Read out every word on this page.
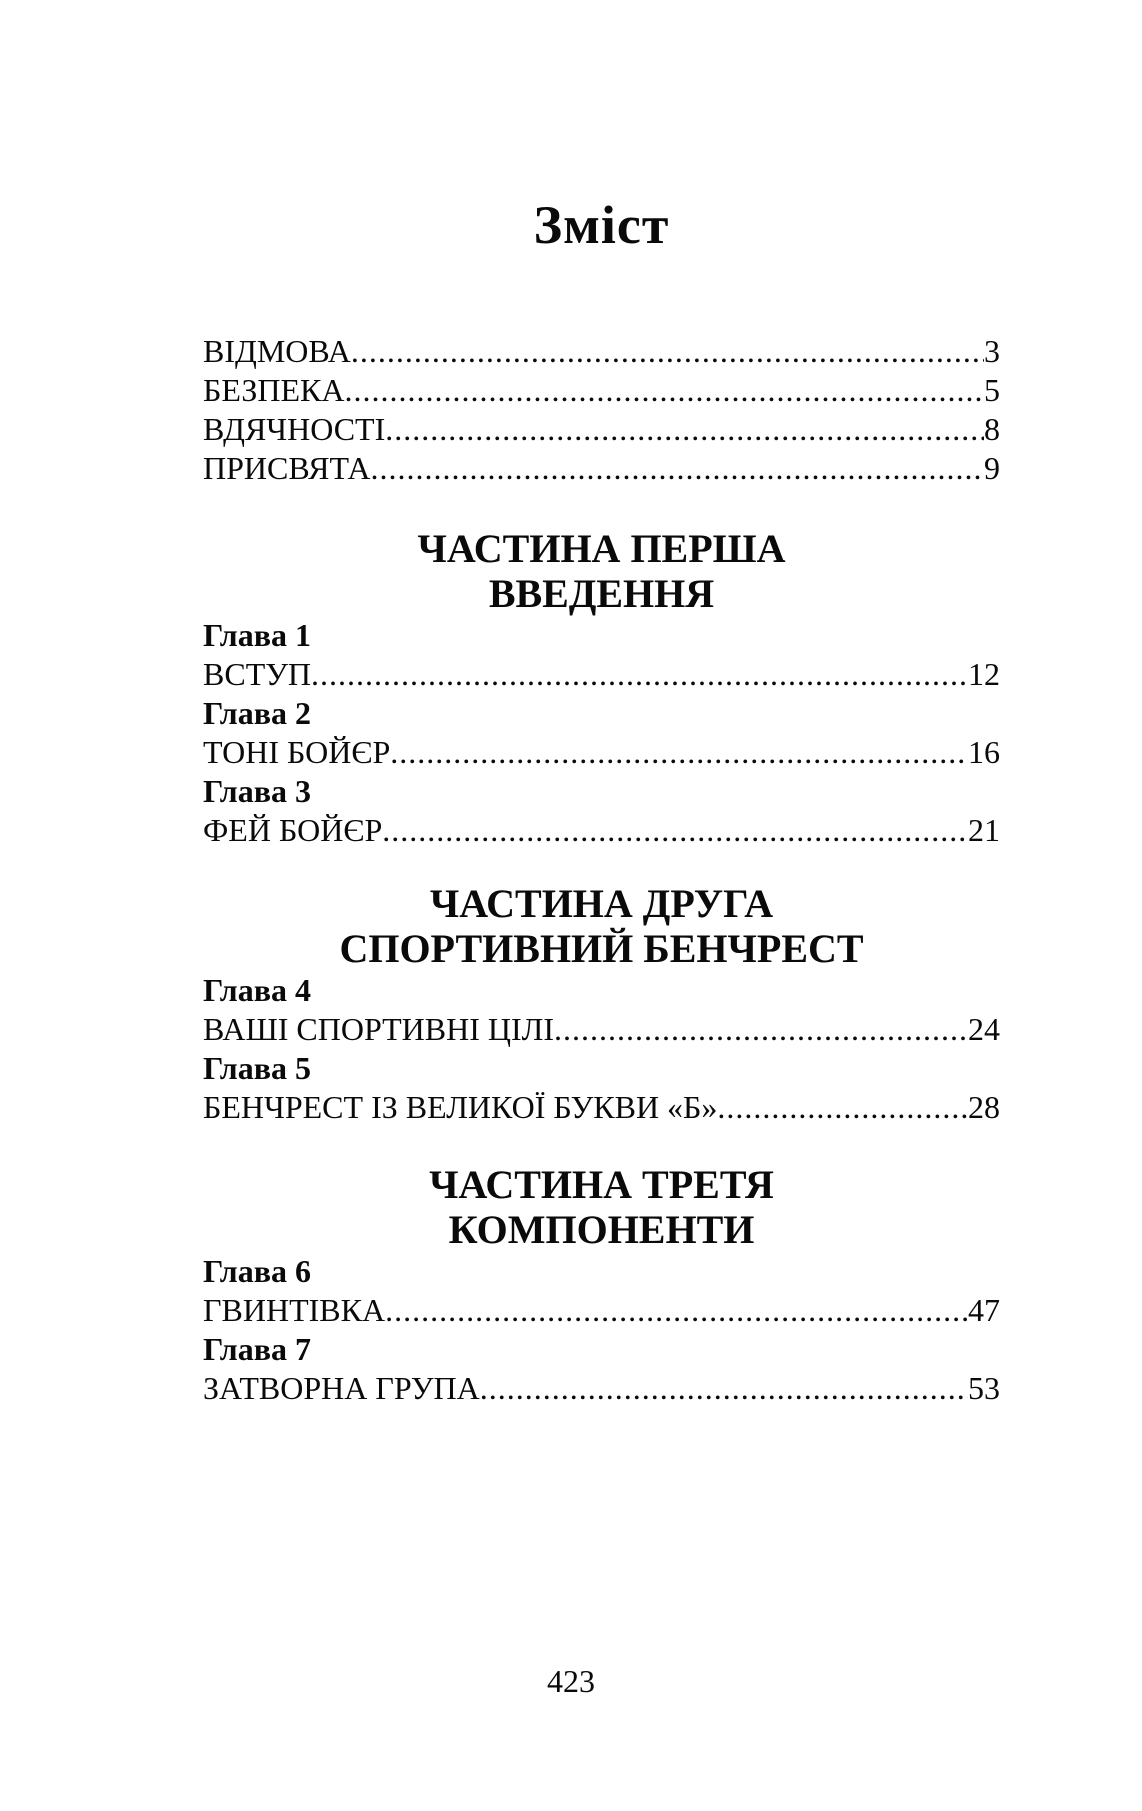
Зміст
ВІДМОВА .....	3
БЕЗПЕКА .....	5
ВДЯЧНОСТІ .....	8
ПРИСВЯТА .....	9
ЧАСТИНА ПЕРША
ВВЕДЕННЯ
Глава 1
ВСТУП .....	12
Глава 2
ТОНІ БОЙЄР .....	16
Глава 3
ФЕЙ БОЙЄР .....	21
ЧАСТИНА ДРУГА
СПОРТИВНИЙ БЕНЧРЕСТ
Глава 4
ВАШІ СПОРТИВНІ ЦІЛІ .....	24
Глава 5
БЕНЧРЕСТ ІЗ ВЕЛИКОЇ БУКВИ «Б» .....	28
ЧАСТИНА ТРЕТЯ
КОМПОНЕНТИ
Глава 6
ГВИНТІВКА .....	47
Глава 7
ЗАТВОРНА ГРУПА .....	53
423
